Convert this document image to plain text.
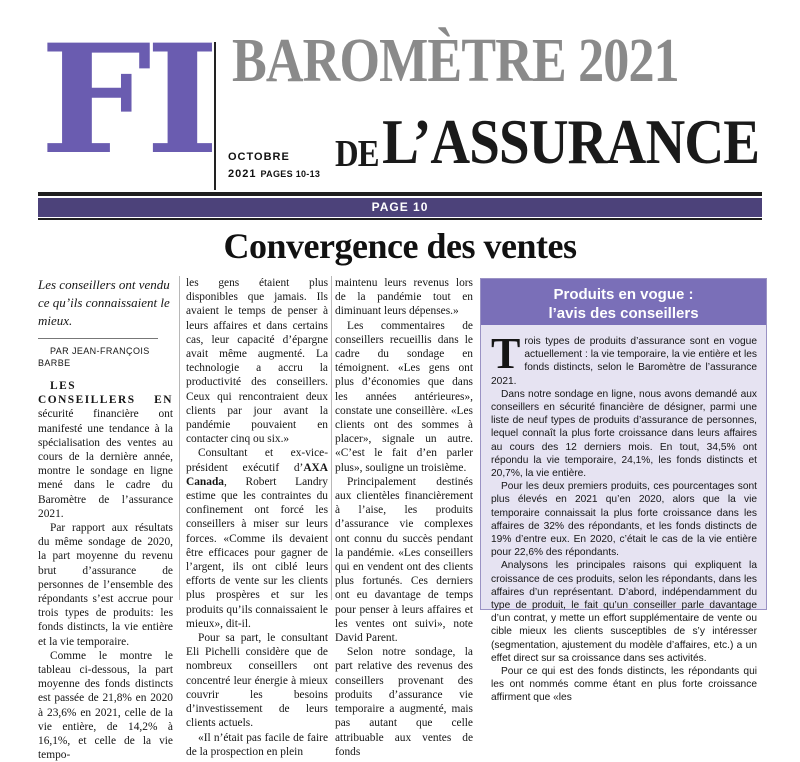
FI BAROMÈTRE 2021
$^{DE}$L’ASSURANCE
OCTOBRE
2021 PAGES 10-13
PAGE 10
Convergence des ventes

Les conseillers ont vendu ce qu’ils connaissaient le mieux.

PAR JEAN-FRANÇOIS BARBE

LES CONSEILLERS EN sécurité financière ont manifesté une tendance à la spécialisation des ventes au cours de la dernière année, montre le sondage en ligne mené dans le cadre du Baromètre de l’assurance 2021.

Par rapport aux résultats du même sondage de 2020, la part moyenne du revenu brut d’assurance de personnes de l’ensemble des répondants s’est accrue pour trois types de produits: les fonds distincts, la vie entière et la vie temporaire.

Comme le montre le tableau ci-dessous, la part moyenne des fonds distincts est passée de 21,8% en 2020 à 23,6% en 2021, celle de la vie entière, de 14,2% à 16,1%, et celle de la vie tempo-

les gens étaient plus disponibles que jamais. Ils avaient le temps de penser à leurs affaires et dans certains cas, leur capacité d’épargne avait même augmenté. La technologie a accru la productivité des conseillers. Ceux qui rencontraient deux clients par jour avant la pandémie pouvaient en contacter cinq ou six.»

Consultant et ex-vice-président exécutif d’AXA Canada, Robert Landry estime que les contraintes du confinement ont forcé les conseillers à miser sur leurs forces. «Comme ils devaient être efficaces pour gagner de l’argent, ils ont ciblé leurs efforts de vente sur les clients plus prospères et sur les produits qu’ils connaissaient le mieux», dit-il.

Pour sa part, le consultant Eli Pichelli considère que de nombreux conseillers ont concentré leur énergie à mieux couvrir les besoins d’investissement de leurs clients actuels.

«Il n’était pas facile de faire de la prospection en plein

maintenu leurs revenus lors de la pandémie tout en diminuant leurs dépenses.»

Les commentaires de conseillers recueillis dans le cadre du sondage en témoignent. «Les gens ont plus d’économies que dans les années antérieures», constate une conseillère. «Les clients ont des sommes à placer», signale un autre. «C’est le fait d’en parler plus», souligne un troisième.

Principalement destinés aux clientèles financièrement à l’aise, les produits d’assurance vie complexes ont connu du succès pendant la pandémie. «Les conseillers qui en vendent ont des clients plus fortunés. Ces derniers ont eu davantage de temps pour penser à leurs affaires et les ventes ont suivi», note David Parent.

Selon notre sondage, la part relative des revenus des conseillers provenant des produits d’assurance vie temporaire a augmenté, mais pas autant que celle attribuable aux ventes de fonds

Produits en vogue :
l’avis des conseillers

Trois types de produits d’assurance sont en vogue actuellement : la vie temporaire, la vie entière et les fonds distincts, selon le Baromètre de l’assurance 2021.

Dans notre sondage en ligne, nous avons demandé aux conseillers en sécurité financière de désigner, parmi une liste de neuf types de produits d’assurance de personnes, lequel connaît la plus forte croissance dans leurs affaires au cours des 12 derniers mois. En tout, 34,5% ont répondu la vie temporaire, 24,1%, les fonds distincts et 20,7%, la vie entière.

Pour les deux premiers produits, ces pourcentages sont plus élevés en 2021 qu’en 2020, alors que la vie temporaire connaissait la plus forte croissance dans les affaires de 32% des répondants, et les fonds distincts de 19% d’entre eux. En 2020, c’était le cas de la vie entière pour 22,6% des répondants.

Analysons les principales raisons qui expliquent la croissance de ces produits, selon les répondants, dans les affaires d’un représentant. D’abord, indépendamment du type de produit, le fait qu’un conseiller parle davantage d’un contrat, y mette un effort supplémentaire de vente ou cible mieux les clients susceptibles de s’y intéresser (segmentation, ajustement du modèle d’affaires, etc.) a un effet direct sur sa croissance dans ses activités.

Pour ce qui est des fonds distincts, les répondants qui les ont nommés comme étant en plus forte croissance affirment que «les
